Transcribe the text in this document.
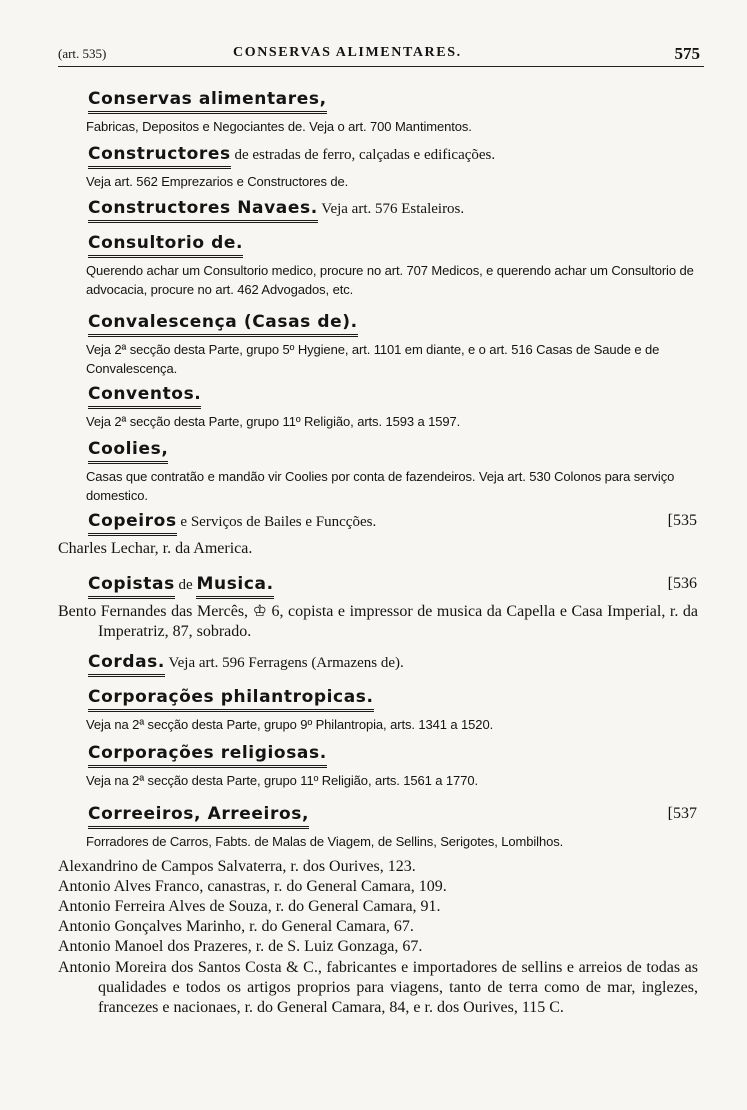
(art. 535)	CONSERVAS ALIMENTARES.	575
Conservas alimentares,
Fabricas, Depositos e Negociantes de. Veja o art. 700 Mantimentos.
Constructores de estradas de ferro, calçadas e edificações.
Veja art. 562 Emprezarios e Constructores de.
Constructores Navaes. Veja art. 576 Estaleiros.
Consultorio de.
Querendo achar um Consultorio medico, procure no art. 707 Medicos, e querendo achar um Consultorio de advocacia, procure no art. 462 Advogados, etc.
Convalescença (Casas de).
Veja 2ª secção desta Parte, grupo 5º Hygiene, art. 1101 em diante, e o art. 516 Casas de Saude e de Convalescença.
Conventos.
Veja 2ª secção desta Parte, grupo 11º Religião, arts. 1593 a 1597.
Coolies,
Casas que contratão e mandão vir Coolies por conta de fazendeiros. Veja art. 530 Colonos para serviço domestico.
Copeiros e Serviços de Bailes e Funcções.	[535
Charles Lechar, r. da America.
Copistas de Musica.	[536
Bento Fernandes das Mercês, ♔ 6, copista e impressor de musica da Capella e Casa Imperial, r. da Imperatriz, 87, sobrado.
Cordas. Veja art. 596 Ferragens (Armazens de).
Corporações philantropicas.
Veja na 2ª secção desta Parte, grupo 9º Philantropia, arts. 1341 a 1520.
Corporações religiosas.
Veja na 2ª secção desta Parte, grupo 11º Religião, arts. 1561 a 1770.
Correeiros, Arreeiros,	[537
Forradores de Carros, Fabts. de Malas de Viagem, de Sellins, Serigotes, Lombilhos.
Alexandrino de Campos Salvaterra, r. dos Ourives, 123.
Antonio Alves Franco, canastras, r. do General Camara, 109.
Antonio Ferreira Alves de Souza, r. do General Camara, 91.
Antonio Gonçalves Marinho, r. do General Camara, 67.
Antonio Manoel dos Prazeres, r. de S. Luiz Gonzaga, 67.
Antonio Moreira dos Santos Costa & C., fabricantes e importadores de sellins e arreios de todas as qualidades e todos os artigos proprios para viagens, tanto de terra como de mar, inglezes, francezes e nacionaes, r. do General Camara, 84, e r. dos Ourives, 115 C.
